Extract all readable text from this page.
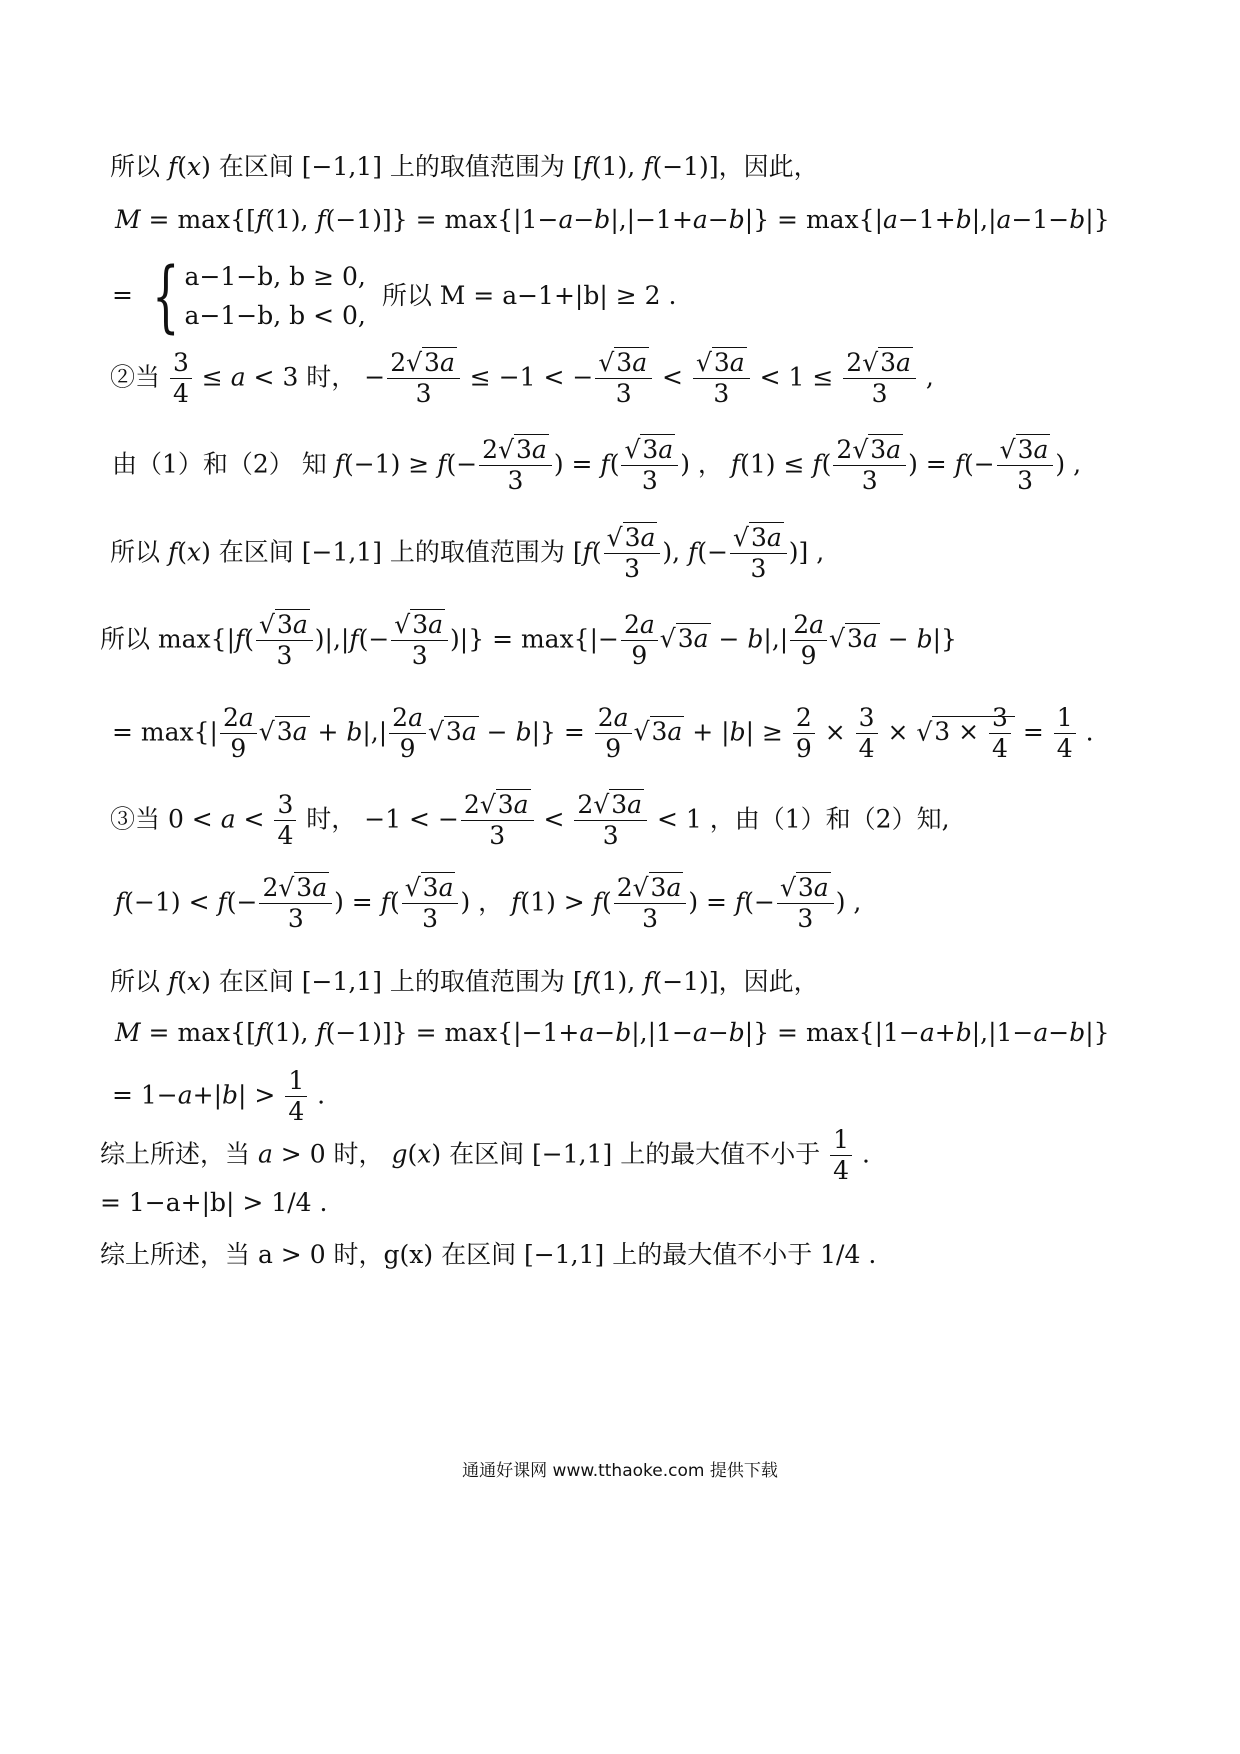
所以 f(x) 在区间 [−1,1] 上的取值范围为 [f(1), f(−1)]，因此，
M = max{[f(1), f(−1)]} = max{|1−a−b|,|−1+a−b|} = max{|a−1+b|,|a−1−b|}
= { a−1−b, b ≥ 0,
a−1−b, b < 0,
所以 M = a−1+|b| ≥ 2 .
②当 $\frac{3}{4} \le a < 3$ 时， − $\frac{2√3a}{3} \le -1$ < − $\frac{√3a}{3} < \frac{√3a}{3} < 1 \le \frac{2√3a}{3}$ ,
由（1）和（2） 知 $f(-1) \ge f(- \frac{2√3a}{3}$ ) = $f( \frac{√3a}{3}$ ) ， $f(1) \le f( \frac{2√3a}{3}$ ) = $f(- \frac{√3a}{3}$ ) ,
所以 f(x) 在区间 [−1,1] 上的取值范围为 [$f( \frac{√3a}{3}$ ), $f(- \frac{√3a}{3}$ )] ,
所以 $\max\{|f( \frac{√3a}{3} )|,|f(- \frac{√3a}{3}$ )|} = $\max\{|- \frac{2a}{9} √3a - b|,| \frac{2a}{9} √3a - b|\}$
= $\max\{| \frac{2a}{9} √3a + b|,| \frac{2a}{9} √3a - b|\} = \frac{2a}{9} √3a + |b| \ge \frac{2}{9} \times \frac{3}{4} \times √3 \times \frac{3}{4} = \frac{1}{4}$ .
③当 $0 < a < \frac{3}{4}$ 时， −1 < − $\frac{2√3a}{3} < \frac{2√3a}{3} < 1$ ，由（1）和（2）知,
$f(-1) < f(- \frac{2√3a}{3}$ ) = $f( \frac{√3a}{3}$ ) ， $f(1) > f( \frac{2√3a}{3}$ ) = $f(- \frac{√3a}{3}$ ) ,
所以 f(x) 在区间 [−1,1] 上的取值范围为 [f(1), f(−1)]，因此，
M = max{[f(1), f(−1)]} = max{|−1+a−b|,|1−a−b|} = max{|1−a+b|,|1−a−b|}
= $1-a+|b| > \frac{1}{4}$ .
综上所述，当 a > 0 时， g(x) 在区间 [−1,1] 上的最大值不小于 $\frac{1}{4}$ .
= 1−a+|b| > 1/4 .
综上所述，当 a > 0 时，g(x) 在区间 [−1,1] 上的最大值不小于 1/4 .
通通好课网 www.tthaoke.com 提供下载
